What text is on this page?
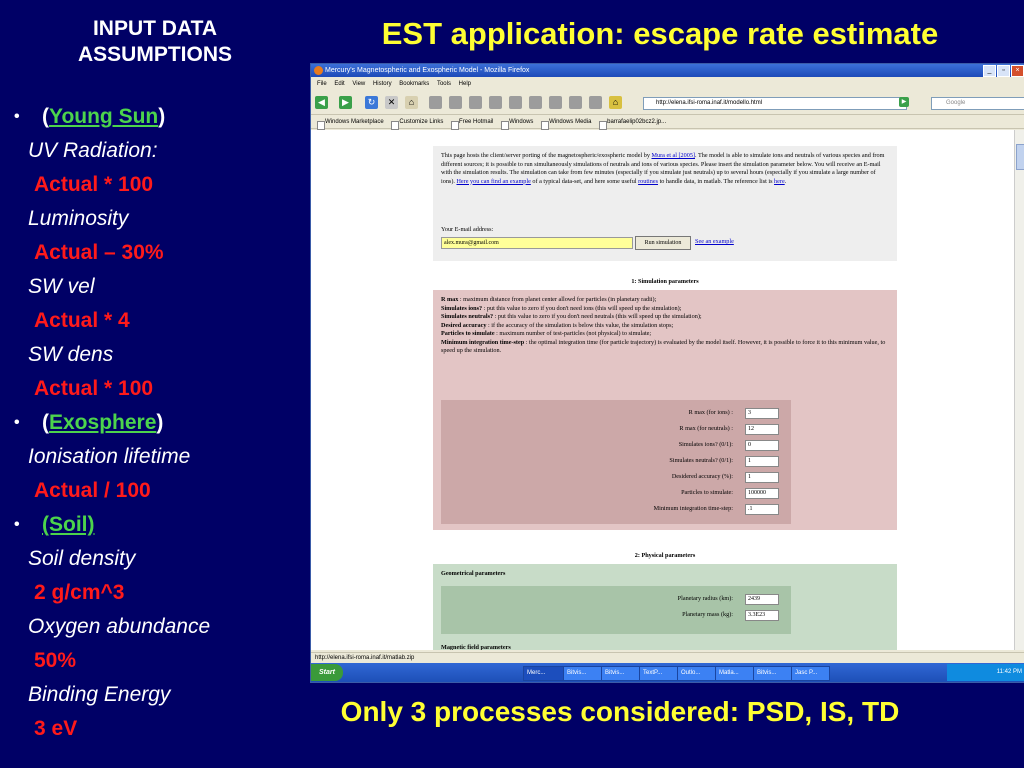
INPUT DATA ASSUMPTIONS
EST application: escape rate estimate
• (Young Sun)
UV Radiation:
Actual * 100
Luminosity
Actual – 30%
SW vel
Actual * 4
SW dens
Actual * 100
• (Exosphere)
Ionisation lifetime
Actual / 100
• (Soil)
Soil density
2 g/cm^3
Oxygen abundance
50%
Binding Energy
3 eV
Only 3 processes considered: PSD, IS, TD
Mercury's Magnetospheric and Exospheric Model - Mozilla Firefox	_	▫	×
File Edit View History Bookmarks Tools Help
◀	▶	↻	✕	⌂	⌂	http://elena.ifsi-roma.inaf.it/modello.html	▶	Google
Windows Marketplace	Customize Links	Free Hotmail	Windows	Windows Media	barrafaelip02bcz2.jp...

This page hosts the client/server porting of the magnetospheric/exospheric model by Mura et al [2005]. The model is able to simulate ions and neutrals of various species and from different sources; it is possible to run simultaneously simulations of neutrals and ions of various species. Please insert the simulation parameter below. You will receive an E-mail with the simulation results. The simulation can take from few minutes (especially if you simulate just neutrals) up to several hours (especially if you simulate a large number of ions). Here you can find an example of a typical data-set, and here some useful routines to handle data, in matlab. The reference list is here.

Your E-mail address:
alex.mura@gmail.com	Run simulation	See an example
1: Simulation parameters
R max : maximum distance from planet center allowd for particles (in planetary radii);
Simulates ions? : put this value to zero if you don't need ions (this will speed up the simulation);
Simulates neutrals? : put this value to zero if you don't need neutrals (this will speed up the simulation);
Desired accuracy : if the accuracy of the simulation is below this value, the simulation stops;
Particles to simulate : maximum number of test-particles (not physical) to simulate;
Minimum integration time-step : the optimal integration time (for particle trajectory) is evaluated by the model itself. However, it is possible to force it to this minimum value, to speed up the simulation.
R max (for ions) :	3
R max (for neutrals) :	12
Simulates ions? (0/1):	0
Simulates neutrals? (0/1):	1
Desidered accuracy (%):	1
Particles to simulate:	100000
Minimum integration time-step:	.1
2: Physical parameters
Geometrical parameters
Planetary radius (km):	2439
Planetary mass (kg):	3.3E23
Magnetic field parameters
http://elena.ifsi-roma.inaf.it/matlab.zip
Start	Merc...	Bitvis...	Bitvis...	TextP...	Outlo...	Matla...	Bitvis...	Jasc P...	11:42 PM
